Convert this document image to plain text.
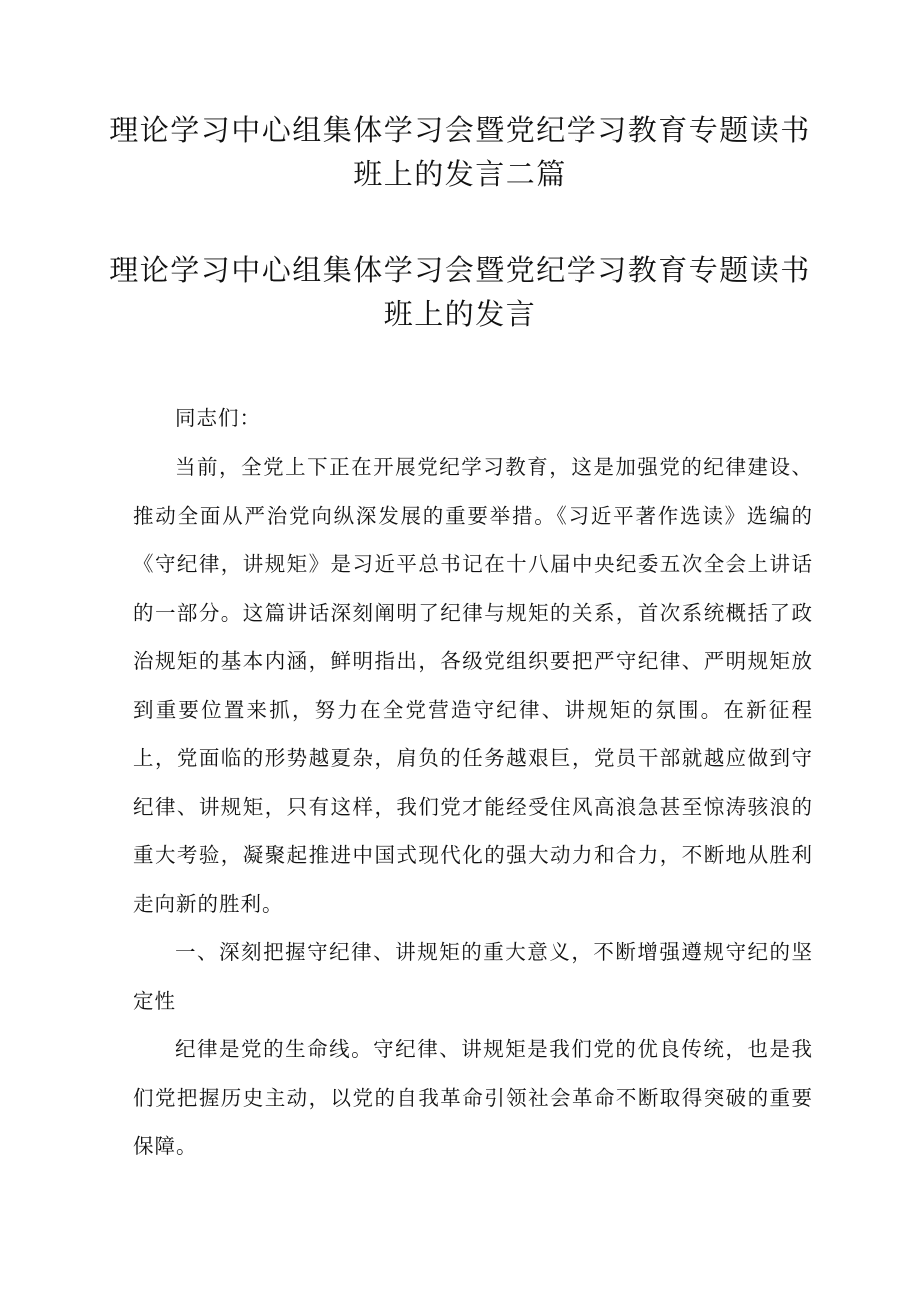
理论学习中心组集体学习会暨党纪学习教育专题读书班上的发言二篇
理论学习中心组集体学习会暨党纪学习教育专题读书班上的发言

同志们：

当前，全党上下正在开展党纪学习教育，这是加强党的纪律建设、推动全面从严治党向纵深发展的重要举措。《习近平著作选读》选编的《守纪律，讲规矩》是习近平总书记在十八届中央纪委五次全会上讲话的一部分。这篇讲话深刻阐明了纪律与规矩的关系，首次系统概括了政治规矩的基本内涵，鲜明指出，各级党组织要把严守纪律、严明规矩放到重要位置来抓，努力在全党营造守纪律、讲规矩的氛围。在新征程上，党面临的形势越夏杂，肩负的任务越艰巨，党员干部就越应做到守纪律、讲规矩，只有这样，我们党才能经受住风高浪急甚至惊涛骇浪的重大考验，凝聚起推进中国式现代化的强大动力和合力，不断地从胜利走向新的胜利。

一、深刻把握守纪律、讲规矩的重大意义，不断增强遵规守纪的坚定性

纪律是党的生命线。守纪律、讲规矩是我们党的优良传统，也是我们党把握历史主动，以党的自我革命引领社会革命不断取得突破的重要保障。
